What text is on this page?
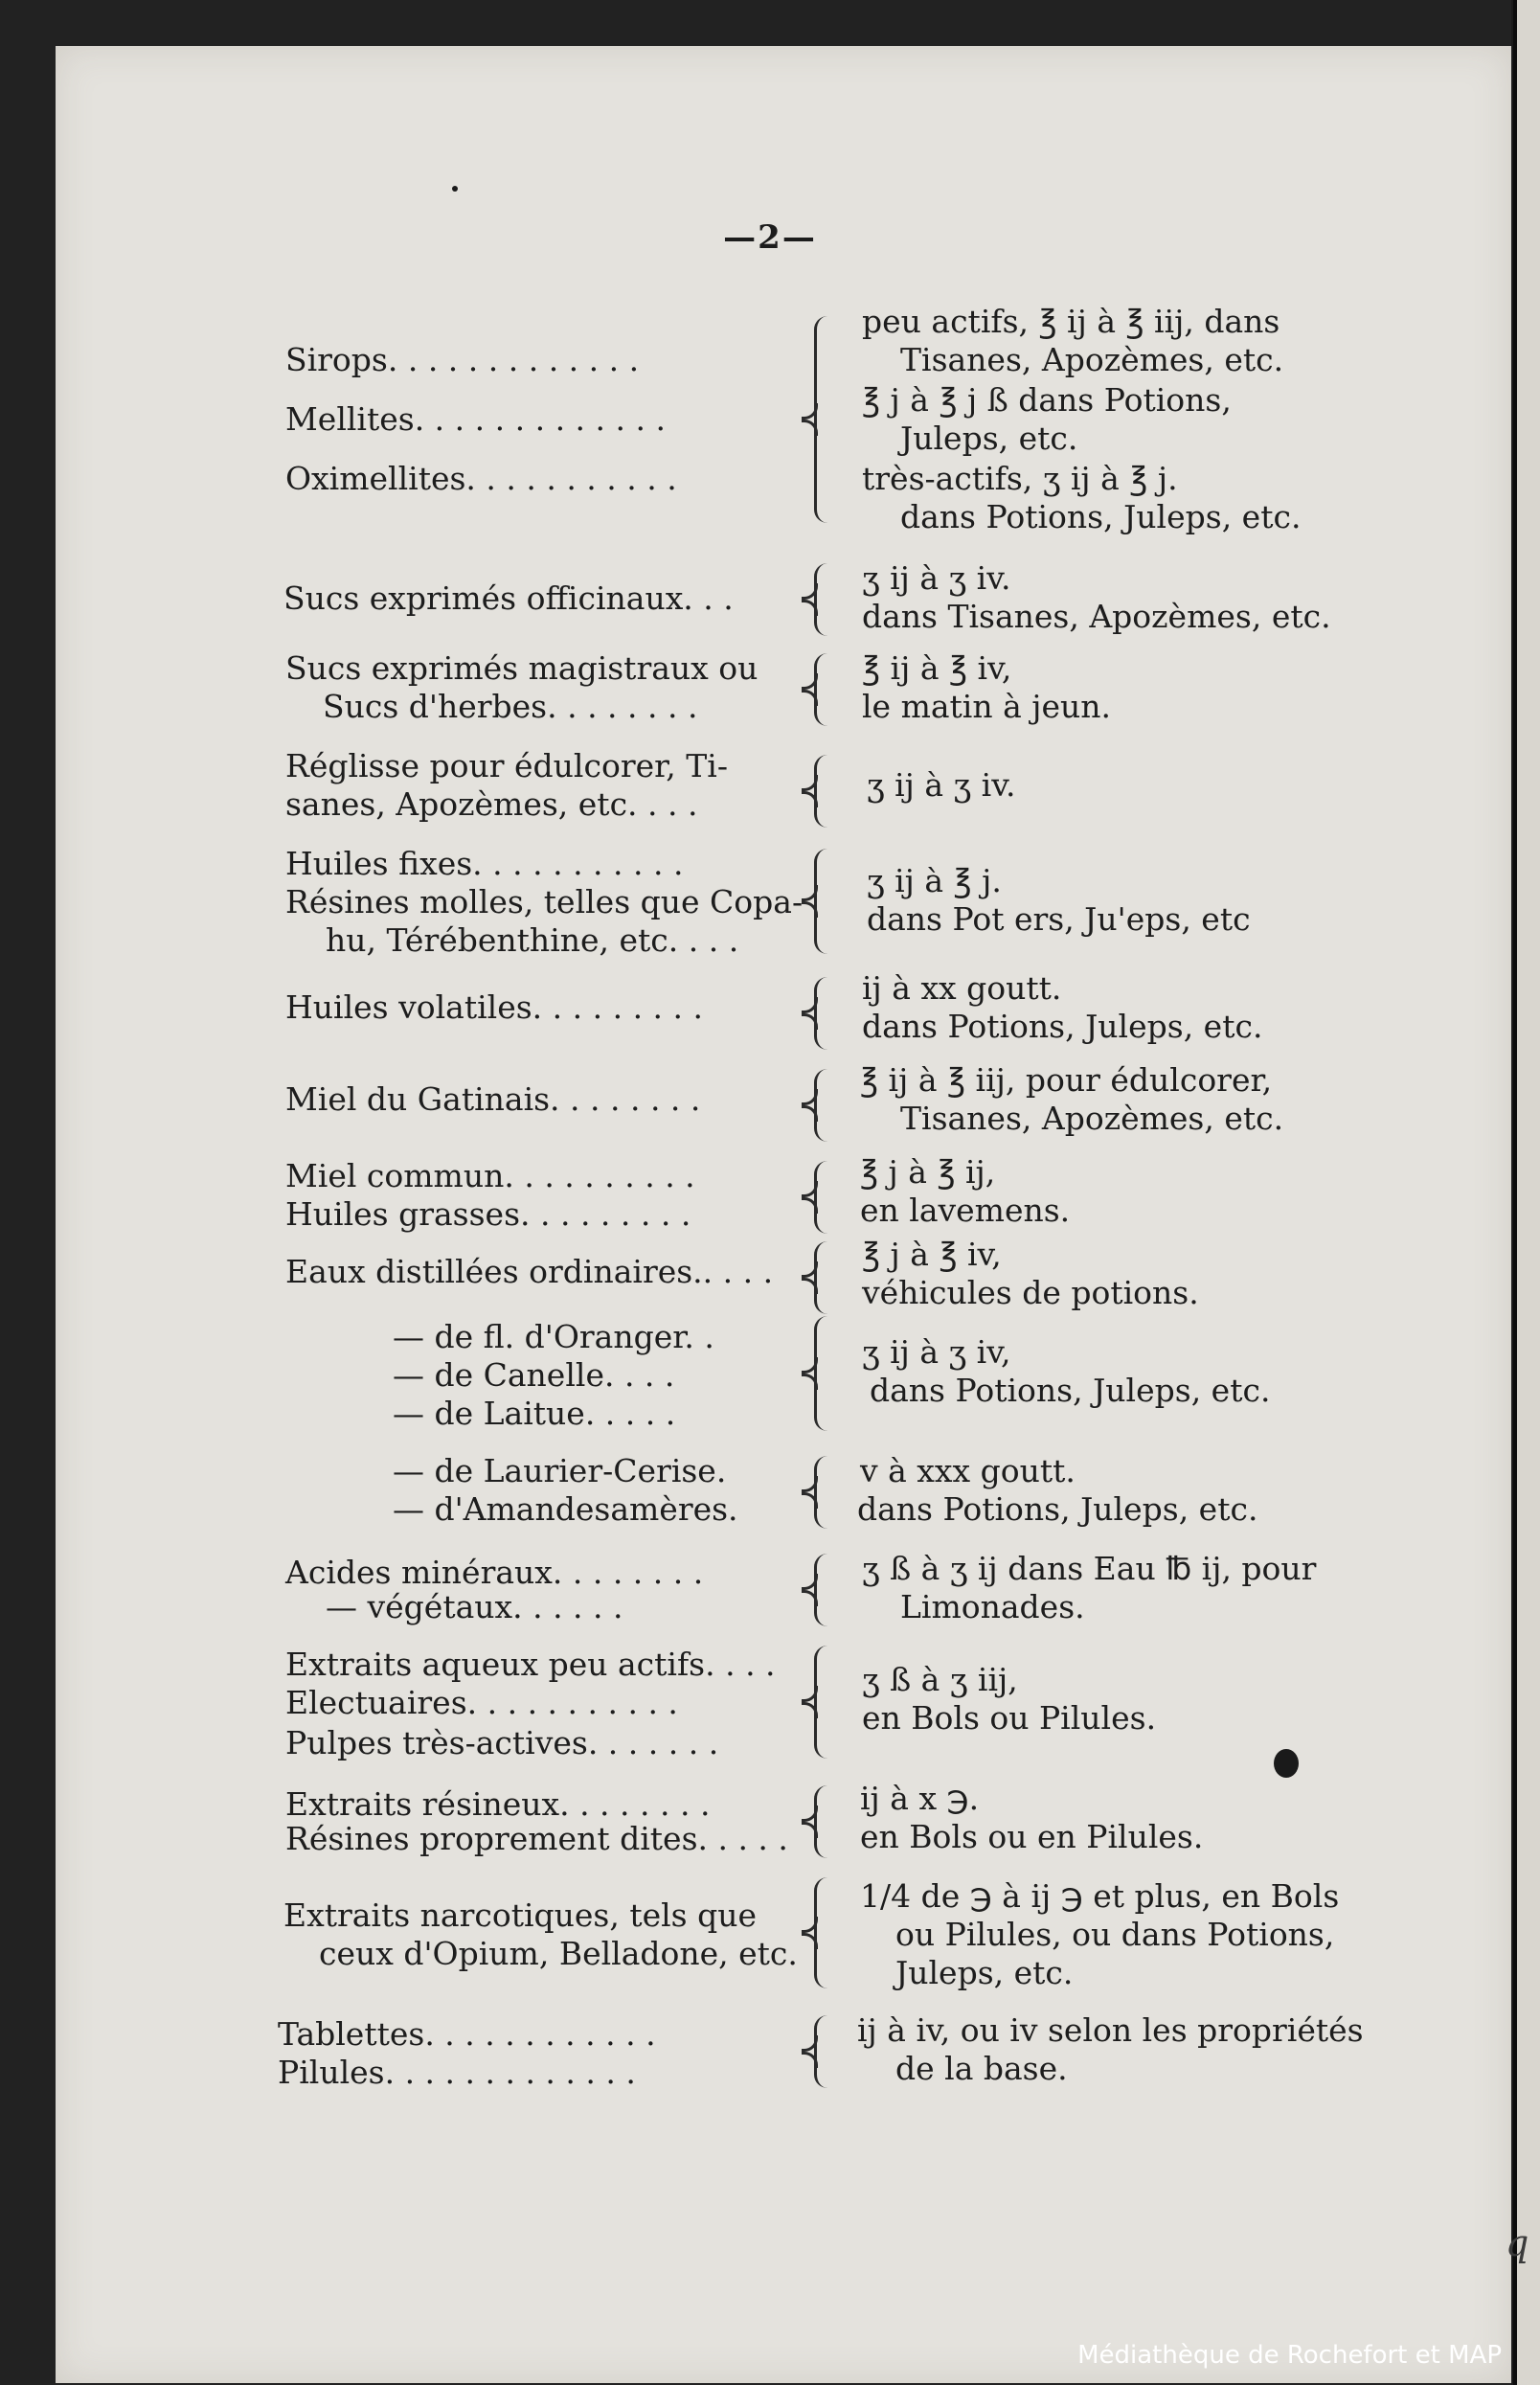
q
—2—
Sirops. . . . . . . . . . . . .
Mellites. . . . . . . . . . . . .
Oximellites. . . . . . . . . . .
Sucs exprimés officinaux. . .
Sucs exprimés magistraux ou
Sucs d'herbes. . . . . . . .
Réglisse pour édulcorer, Ti-
sanes, Apozèmes, etc. . . .
Huiles fixes. . . . . . . . . . .
Résines molles, telles que Copa-
hu, Térébenthine, etc. . . .
Huiles volatiles. . . . . . . . .
Miel du Gatinais. . . . . . . .
Miel commun. . . . . . . . . .
Huiles grasses. . . . . . . . .
Eaux distillées ordinaires.. . . .
— de fl. d'Oranger. .
— de Canelle. . . .
— de Laitue. . . . .
— de Laurier-Cerise.
— d'Amandesamères.
Acides minéraux. . . . . . . .
— végétaux. . . . . .
Extraits aqueux peu actifs. . . .
Electuaires. . . . . . . . . . .
Pulpes très-actives. . . . . . .
Extraits résineux. . . . . . . .
Résines proprement dites. . . . .
Extraits narcotiques, tels que
ceux d'Opium, Belladone, etc.
Tablettes. . . . . . . . . . . .
Pilules. . . . . . . . . . . . .
peu actifs, ℥ ij à ℥ iij, dans
Tisanes, Apozèmes, etc.
℥ j à ℥ j ß dans Potions,
Juleps, etc.
très-actifs, ʒ ij à ℥ j.
dans Potions, Juleps, etc.
ʒ ij à ʒ iv.
dans Tisanes, Apozèmes, etc.
℥ ij à ℥ iv,
le matin à jeun.
ʒ ij à ʒ iv.
ʒ ij à ℥ j.
dans Pot ers, Ju'eps, etc
ij à xx goutt.
dans Potions, Juleps, etc.
℥ ij à ℥ iij, pour édulcorer,
Tisanes, Apozèmes, etc.
℥ j à ℥ ij,
en lavemens.
℥ j à ℥ iv,
véhicules de potions.
ʒ ij à ʒ iv,
dans Potions, Juleps, etc.
v à xxx goutt.
dans Potions, Juleps, etc.
ʒ ß à ʒ ij dans Eau ℔ ij, pour
Limonades.
ʒ ß à ʒ iij,
en Bols ou Pilules.
ij à x ℈.
en Bols ou en Pilules.
1/4 de ℈ à ij ℈ et plus, en Bols
ou Pilules, ou dans Potions,
Juleps, etc.
ij à iv, ou iv selon les propriétés
de la base.
Médiathèque de Rochefort et MAP
